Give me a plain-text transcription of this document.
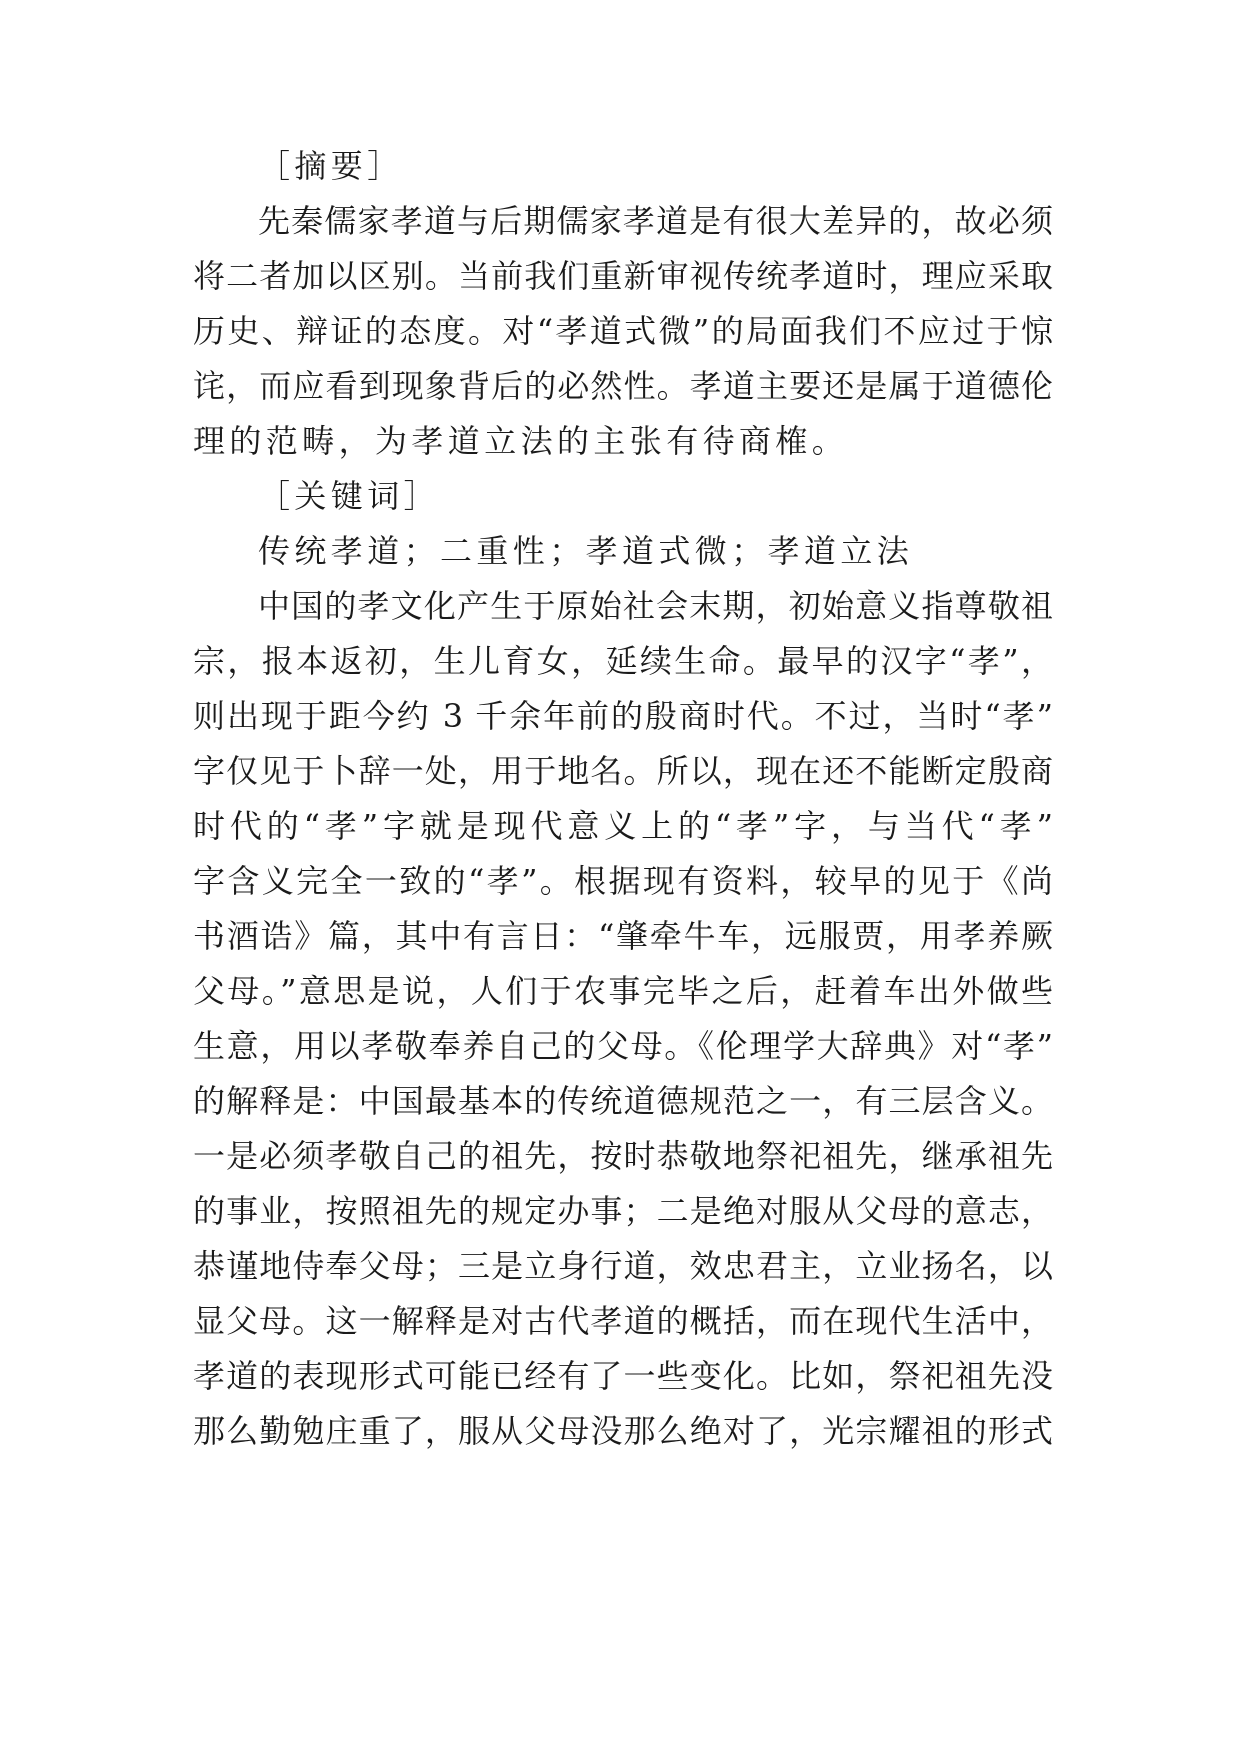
［摘要］
先秦儒家孝道与后期儒家孝道是有很大差异的，故必须
将二者加以区别。当前我们重新审视传统孝道时，理应采取
历史、辩证的态度。对“孝道式微”的局面我们不应过于惊
诧，而应看到现象背后的必然性。孝道主要还是属于道德伦
理的范畴，为孝道立法的主张有待商榷。
［关键词］
传统孝道；二重性；孝道式微；孝道立法
中国的孝文化产生于原始社会末期，初始意义指尊敬祖
宗，报本返初，生儿育女，延续生命。最早的汉字“孝”，
则出现于距今约 3 千余年前的殷商时代。不过，当时“孝”
字仅见于卜辞一处，用于地名。所以，现在还不能断定殷商
时代的“孝”字就是现代意义上的“孝”字，与当代“孝”
字含义完全一致的“孝”。根据现有资料，较早的见于《尚
书酒诰》篇，其中有言日：“肇牵牛车，远服贾，用孝养厥
父母。”意思是说，人们于农事完毕之后，赶着车出外做些
生意，用以孝敬奉养自己的父母。《伦理学大辞典》对“孝”
的解释是：中国最基本的传统道德规范之一，有三层含义。
一是必须孝敬自己的祖先，按时恭敬地祭祀祖先，继承祖先
的事业，按照祖先的规定办事；二是绝对服从父母的意志，
恭谨地侍奉父母；三是立身行道，效忠君主，立业扬名，以
显父母。这一解释是对古代孝道的概括，而在现代生活中，
孝道的表现形式可能已经有了一些变化。比如，祭祀祖先没
那么勤勉庄重了，服从父母没那么绝对了，光宗耀祖的形式
